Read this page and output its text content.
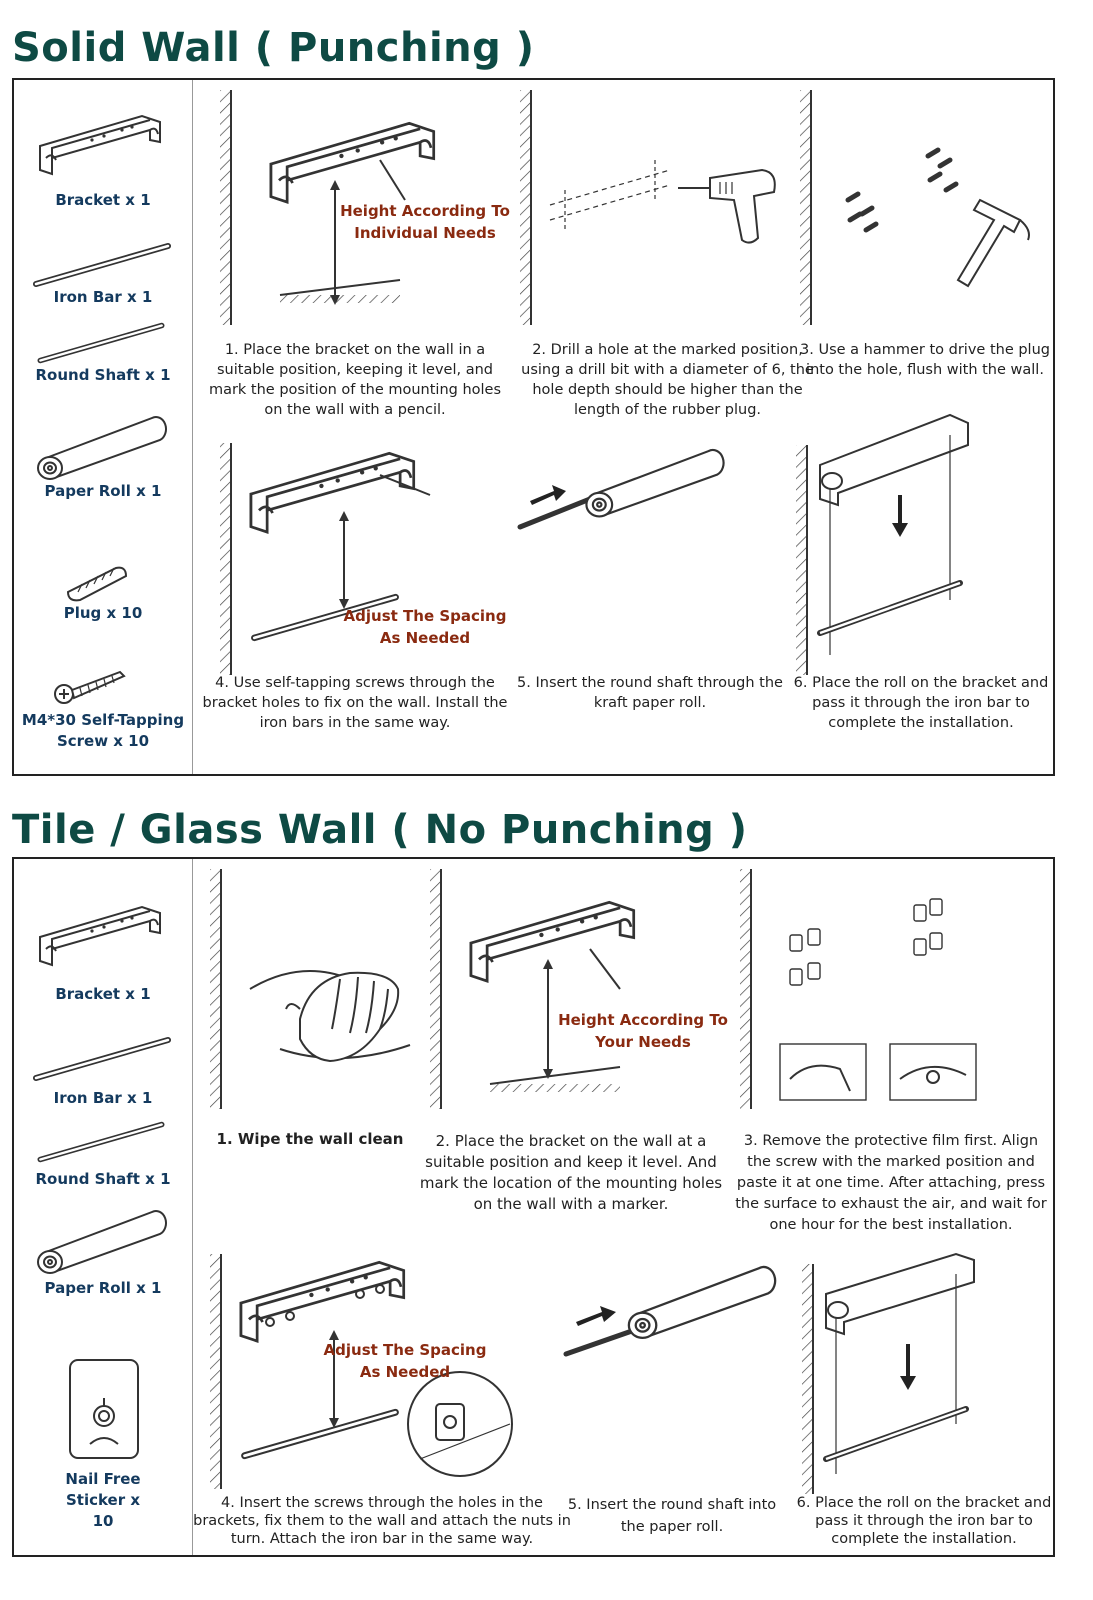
Solid Wall ( Punching )
Bracket x 1
Iron Bar x 1
Round Shaft x 1
Paper Roll x 1
Plug x 10
M4*30 Self-Tapping Screw x 10
Height According To Individual Needs
1. Place the bracket on the wall in a suitable position, keeping it level, and mark the position of the mounting holes on the wall with a pencil.
2. Drill a hole at the marked position, using a drill bit with a diameter of 6, the hole depth should be higher than the length of the rubber plug.
3. Use a hammer to drive the plug into the hole, flush with the wall.
Adjust The Spacing As Needed
4. Use self-tapping screws through the bracket holes to fix on the wall. Install the iron bars in the same way.
5. Insert the round shaft through the kraft paper roll.
6. Place the roll on the bracket and pass it through the iron bar to complete the installation.
Tile / Glass Wall ( No Punching )
Bracket x 1
Iron Bar x 1
Round Shaft x 1
Paper Roll x 1
Nail Free Sticker x 10
1. Wipe the wall clean
Height According To Your Needs
2. Place the bracket on the wall at a suitable position and keep it level. And mark the location of the mounting holes on the wall with a marker.
3. Remove the protective film first. Align the screw with the marked position and paste it at one time. After attaching, press the surface to exhaust the air, and wait for one hour for the best installation.
Adjust The Spacing As Needed
4. Insert the screws through the holes in the brackets, fix them to the wall and attach the nuts in turn. Attach the iron bar in the same way.
5. Insert the round shaft into the paper roll.
6. Place the roll on the bracket and pass it through the iron bar to complete the installation.
